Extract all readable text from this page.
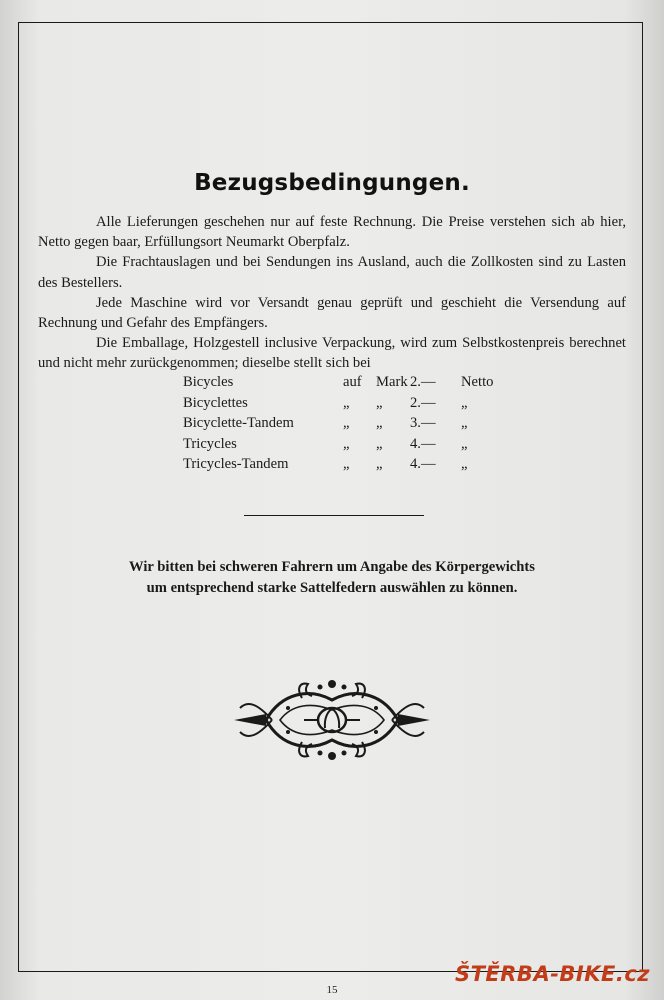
Bezugsbedingungen.

Alle Lieferungen geschehen nur auf feste Rechnung. Die Preise verstehen sich ab hier, Netto gegen baar, Erfüllungsort Neumarkt Oberpfalz.

Die Frachtauslagen und bei Sendungen ins Ausland, auch die Zollkosten sind zu Lasten des Bestellers.

Jede Maschine wird vor Versandt genau geprüft und geschieht die Versendung auf Rechnung und Gefahr des Empfängers.

Die Emballage, Holzgestell inclusive Verpackung, wird zum Selbstkostenpreis berechnet und nicht mehr zurückgenommen; dieselbe stellt sich bei

Bicycles	auf Mark 2.— Netto
Bicyclettes	„ „ 2.— „
Bicyclette-Tandem	„ „ 3.— „
Tricycles	„ „ 4.— „
Tricycles-Tandem	„ „ 4.— „
Wir bitten bei schweren Fahrern um Angabe des Körpergewichts
um entsprechend starke Sattelfedern auswählen zu können.
15
ŠTĚRBA-BIKE.cz
